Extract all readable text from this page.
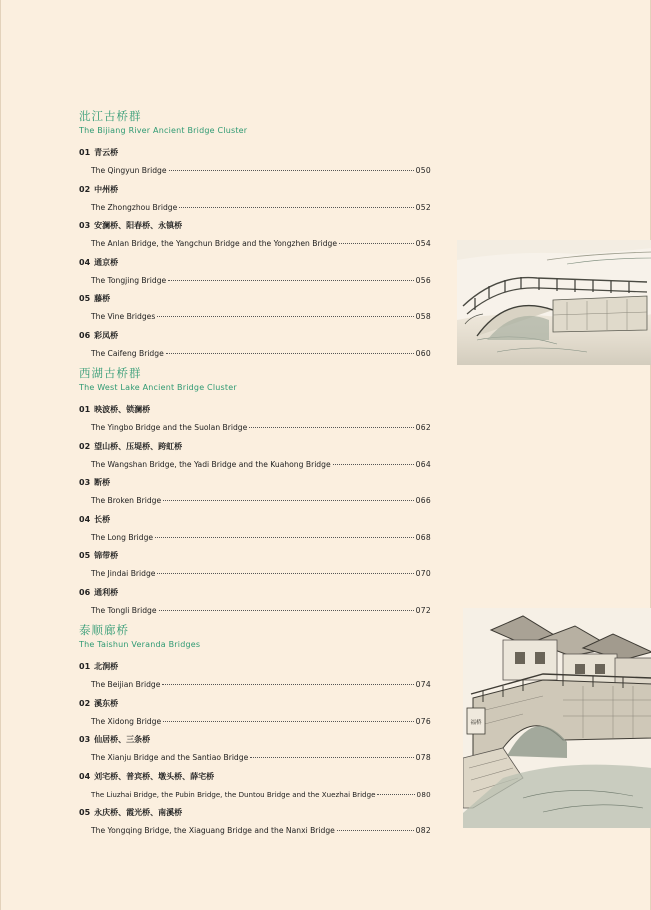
沘江古桥群
The Bijiang River Ancient Bridge Cluster
01 青云桥
The Qingyun Bridge	050
02 中州桥
The Zhongzhou Bridge	052
03 安澜桥、阳春桥、永镇桥
The Anlan Bridge, the Yangchun Bridge and the Yongzhen Bridge	054
04 通京桥
The Tongjing Bridge	056
05 藤桥
The Vine Bridges	058
06 彩凤桥
The Caifeng Bridge	060
西湖古桥群
The West Lake Ancient Bridge Cluster
01 映波桥、锁澜桥
The Yingbo Bridge and the Suolan Bridge	062
02 望山桥、压堤桥、跨虹桥
The Wangshan Bridge, the Yadi Bridge and the Kuahong Bridge	064
03 断桥
The Broken Bridge	066
04 长桥
The Long Bridge	068
05 锦带桥
The Jindai Bridge	070
06 通利桥
The Tongli Bridge	072
泰顺廊桥
The Taishun Veranda Bridges
01 北涧桥
The Beijian Bridge	074
02 溪东桥
The Xidong Bridge	076
03 仙居桥、三条桥
The Xianju Bridge and the Santiao Bridge	078
04 刘宅桥、普宾桥、墩头桥、薛宅桥
The Liuzhai Bridge, the Pubin Bridge, the Duntou Bridge and the Xuezhai Bridge	080
05 永庆桥、霞光桥、南溪桥
The Yongqing Bridge, the Xiaguang Bridge and the Nanxi Bridge	082
福桥
